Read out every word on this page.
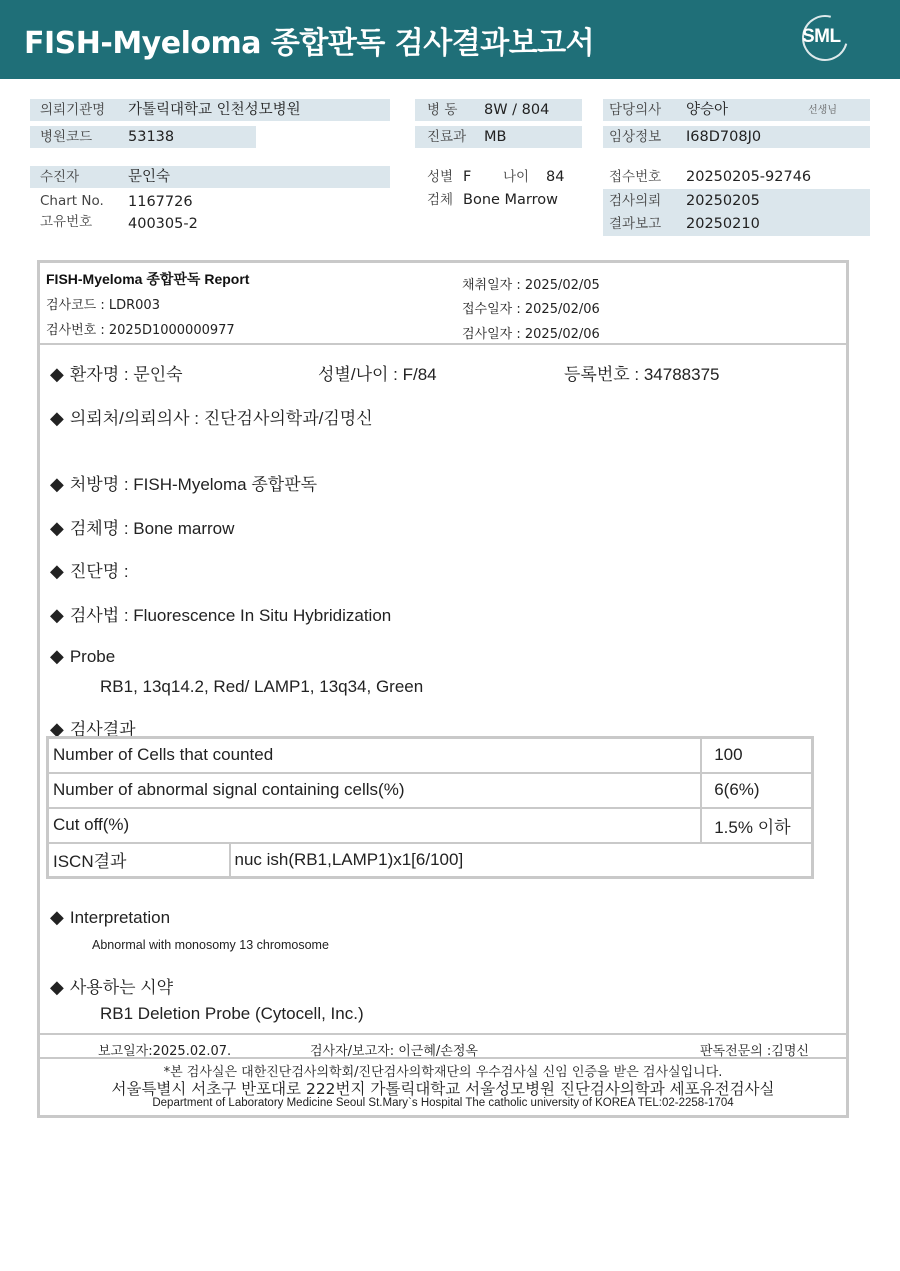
FISH-Myeloma 종합판독 검사결과보고서	SML
의뢰기관명 가톨릭대학교 인천성모병원	병 동 8W / 804	담당의사 양승아	선생님
병원코드 53138	진료과 MB	임상정보 I68D708J0
수진자	문인숙	성별 F 나이 84	접수번호 20250205-92746
Chart No. 1167726	검체 Bone Marrow	검사의뢰 20250205
고유번호 400305-2	결과보고 20250210
FISH-Myeloma 종합판독 Report
검사코드 : LDR003
검사번호 : 2025D1000000977
채취일자 : 2025/02/05
접수일자 : 2025/02/06
검사일자 : 2025/02/06
◆ 환자명 : 문인숙	성별/나이 : F/84	등록번호 : 34788375
◆ 의뢰처/의뢰의사 : 진단검사의학과/김명신
◆ 처방명 : FISH-Myeloma 종합판독
◆ 검체명 : Bone marrow
◆ 진단명 :
◆ 검사법 : Fluorescence In Situ Hybridization
◆ Probe
RB1, 13q14.2, Red/ LAMP1, 13q34, Green
◆ 검사결과
Number of Cells that counted		100
Number of abnormal signal containing cells(%)		6(6%)
Cut off(%)		1.5% 이하
ISCN결과	nuc ish(RB1,LAMP1)x1[6/100]	
◆ Interpretation
Abnormal with monosomy 13 chromosome
◆ 사용하는 시약
RB1 Deletion Probe (Cytocell, Inc.)
보고일자:2025.02.07.	검사자/보고자: 이근혜/손정옥	판독전문의 :김명신
*본 검사실은 대한진단검사의학회/진단검사의학재단의 우수검사실 신임 인증을 받은 검사실입니다.
서울특별시 서초구 반포대로 222번지 가톨릭대학교 서울성모병원 진단검사의학과 세포유전검사실
Department of Laboratory Medicine Seoul St.Mary`s Hospital The catholic university of KOREA TEL:02-2258-1704
